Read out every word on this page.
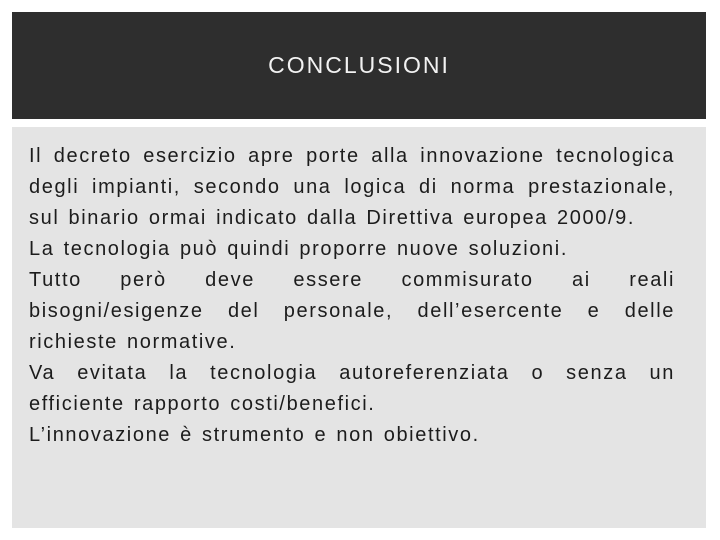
CONCLUSIONI

Il decreto esercizio apre porte alla innovazione tecnologica degli impianti, secondo una logica di norma prestazionale, sul binario ormai indicato dalla Direttiva europea 2000/9.

La tecnologia può quindi proporre nuove soluzioni.

Tutto però deve essere commisurato ai reali bisogni/esigenze del personale, dell’esercente e delle richieste normative.

Va evitata la tecnologia autoreferenziata o senza un efficiente rapporto costi/benefici.

L’innovazione è strumento e non obiettivo.
